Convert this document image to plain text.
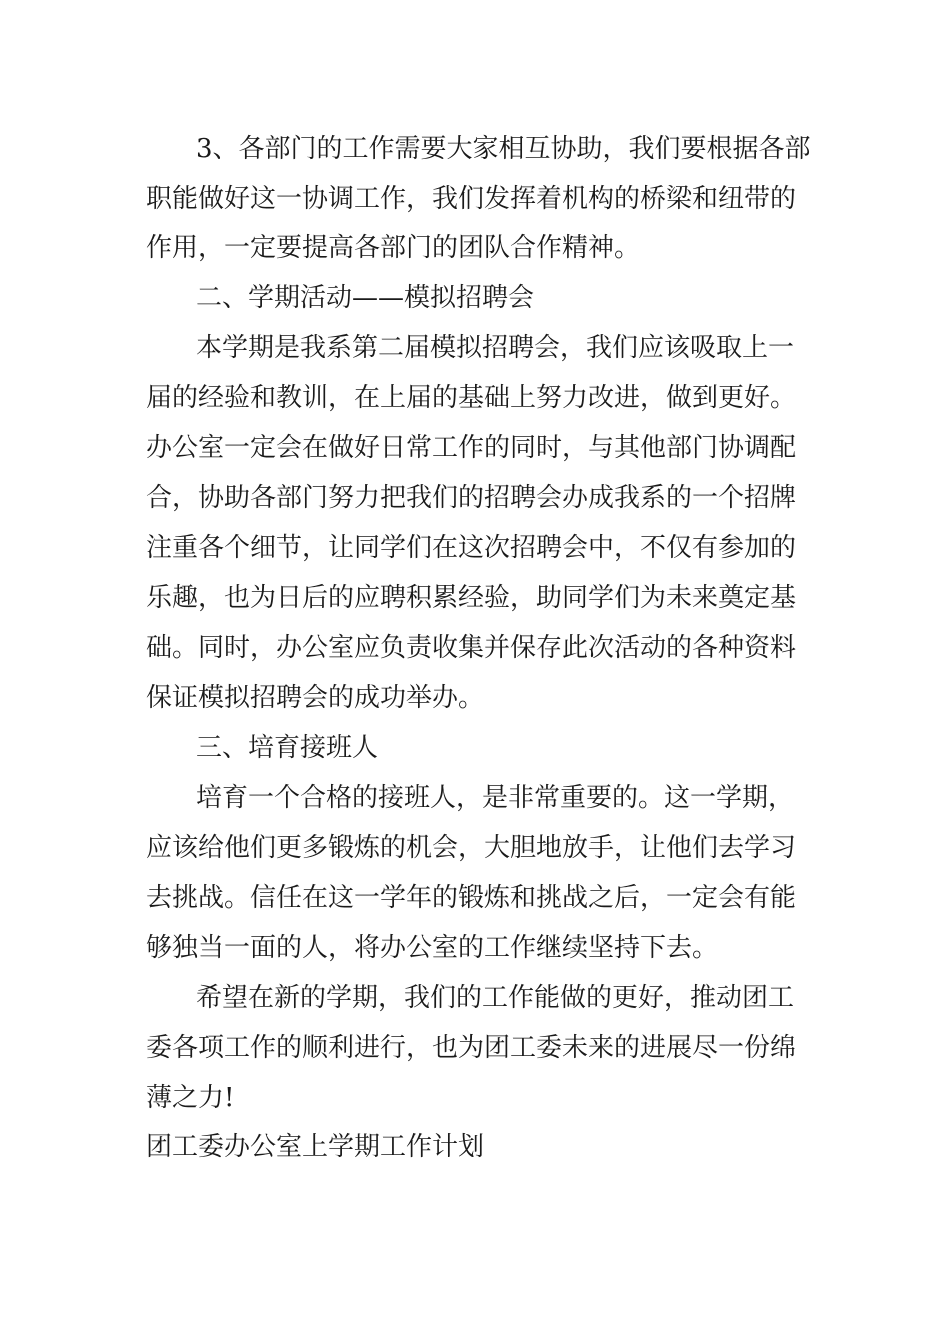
3、各部门的工作需要大家相互协助，我们要根据各部

职能做好这一协调工作，我们发挥着机构的桥梁和纽带的

作用，一定要提高各部门的团队合作精神。

二、学期活动——模拟招聘会

本学期是我系第二届模拟招聘会，我们应该吸取上一

届的经验和教训，在上届的基础上努力改进，做到更好。

办公室一定会在做好日常工作的同时，与其他部门协调配

合，协助各部门努力把我们的招聘会办成我系的一个招牌

注重各个细节，让同学们在这次招聘会中，不仅有参加的

乐趣，也为日后的应聘积累经验，助同学们为未来奠定基

础。同时，办公室应负责收集并保存此次活动的各种资料

保证模拟招聘会的成功举办。

三、培育接班人

培育一个合格的接班人，是非常重要的。这一学期，

应该给他们更多锻炼的机会，大胆地放手，让他们去学习

去挑战。信任在这一学年的锻炼和挑战之后，一定会有能

够独当一面的人，将办公室的工作继续坚持下去。

希望在新的学期，我们的工作能做的更好，推动团工

委各项工作的顺利进行，也为团工委未来的进展尽一份绵

薄之力!

团工委办公室上学期工作计划
